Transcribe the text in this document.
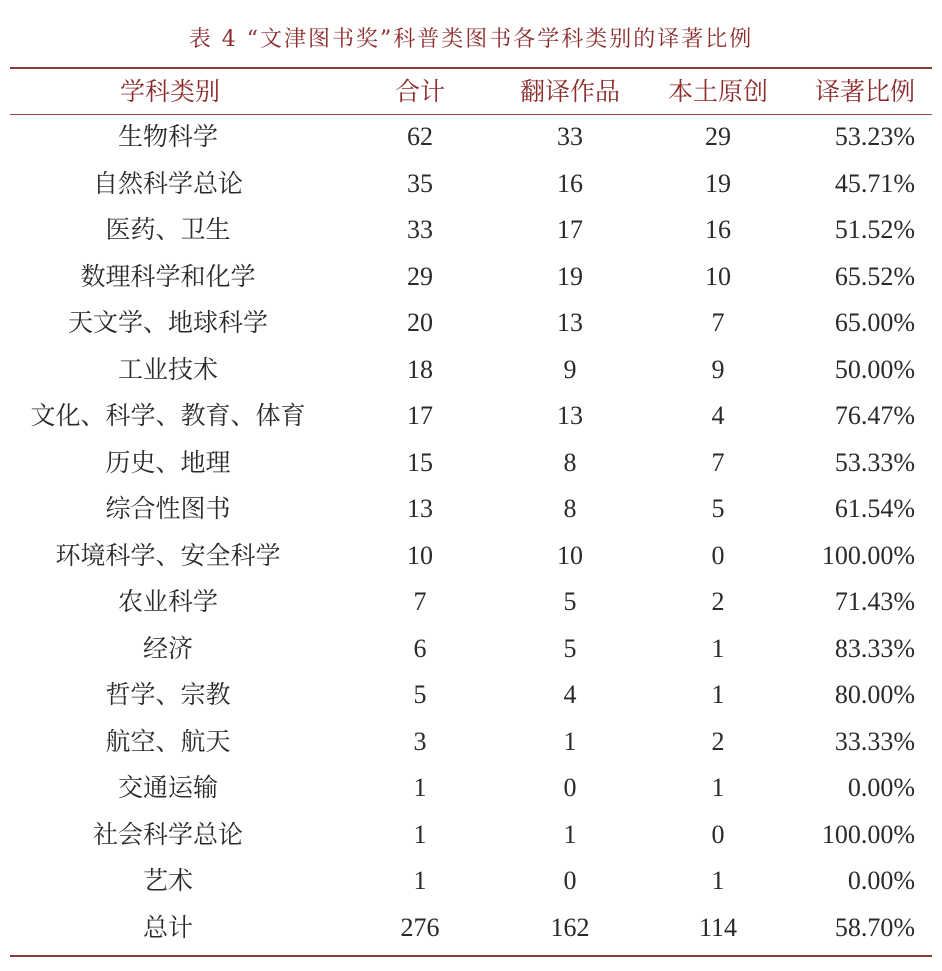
表 4 “文津图书奖”科普类图书各学科类别的译著比例
学科类别	合计	翻译作品	本土原创	译著比例
生物科学	62	33	29	53.23%
自然科学总论	35	16	19	45.71%
医药、卫生	33	17	16	51.52%
数理科学和化学	29	19	10	65.52%
天文学、地球科学	20	13	7	65.00%
工业技术	18	9	9	50.00%
文化、科学、教育、体育	17	13	4	76.47%
历史、地理	15	8	7	53.33%
综合性图书	13	8	5	61.54%
环境科学、安全科学	10	10	0	100.00%
农业科学	7	5	2	71.43%
经济	6	5	1	83.33%
哲学、宗教	5	4	1	80.00%
航空、航天	3	1	2	33.33%
交通运输	1	0	1	0.00%
社会科学总论	1	1	0	100.00%
艺术	1	0	1	0.00%
总计	276	162	114	58.70%
